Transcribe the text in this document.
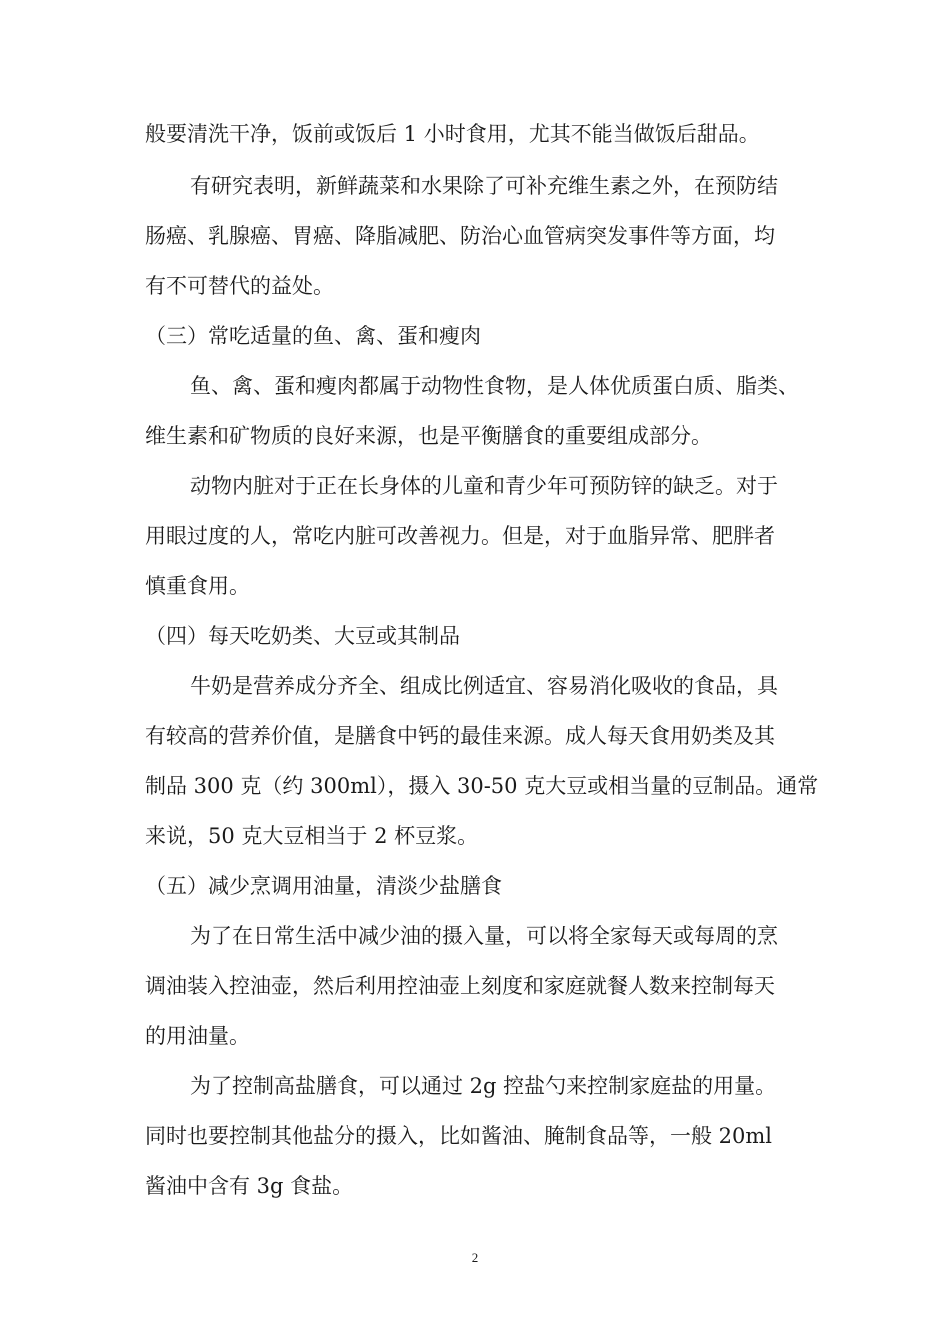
般要清洗干净，饭前或饭后 1 小时食用，尤其不能当做饭后甜品。
有研究表明，新鲜蔬菜和水果除了可补充维生素之外，在预防结
肠癌、乳腺癌、胃癌、降脂减肥、防治心血管病突发事件等方面，均
有不可替代的益处。
（三）常吃适量的鱼、禽、蛋和瘦肉
鱼、禽、蛋和瘦肉都属于动物性食物，是人体优质蛋白质、脂类、
维生素和矿物质的良好来源，也是平衡膳食的重要组成部分。
动物内脏对于正在长身体的儿童和青少年可预防锌的缺乏。对于
用眼过度的人，常吃内脏可改善视力。但是，对于血脂异常、肥胖者
慎重食用。
（四）每天吃奶类、大豆或其制品
牛奶是营养成分齐全、组成比例适宜、容易消化吸收的食品，具
有较高的营养价值，是膳食中钙的最佳来源。成人每天食用奶类及其
制品 300 克（约 300ml），摄入 30-50 克大豆或相当量的豆制品。通常
来说，50 克大豆相当于 2 杯豆浆。
（五）减少烹调用油量，清淡少盐膳食
为了在日常生活中减少油的摄入量，可以将全家每天或每周的烹
调油装入控油壶，然后利用控油壶上刻度和家庭就餐人数来控制每天
的用油量。
为了控制高盐膳食，可以通过 2g 控盐勺来控制家庭盐的用量。
同时也要控制其他盐分的摄入，比如酱油、腌制食品等，一般 20ml
酱油中含有 3g 食盐。
2
